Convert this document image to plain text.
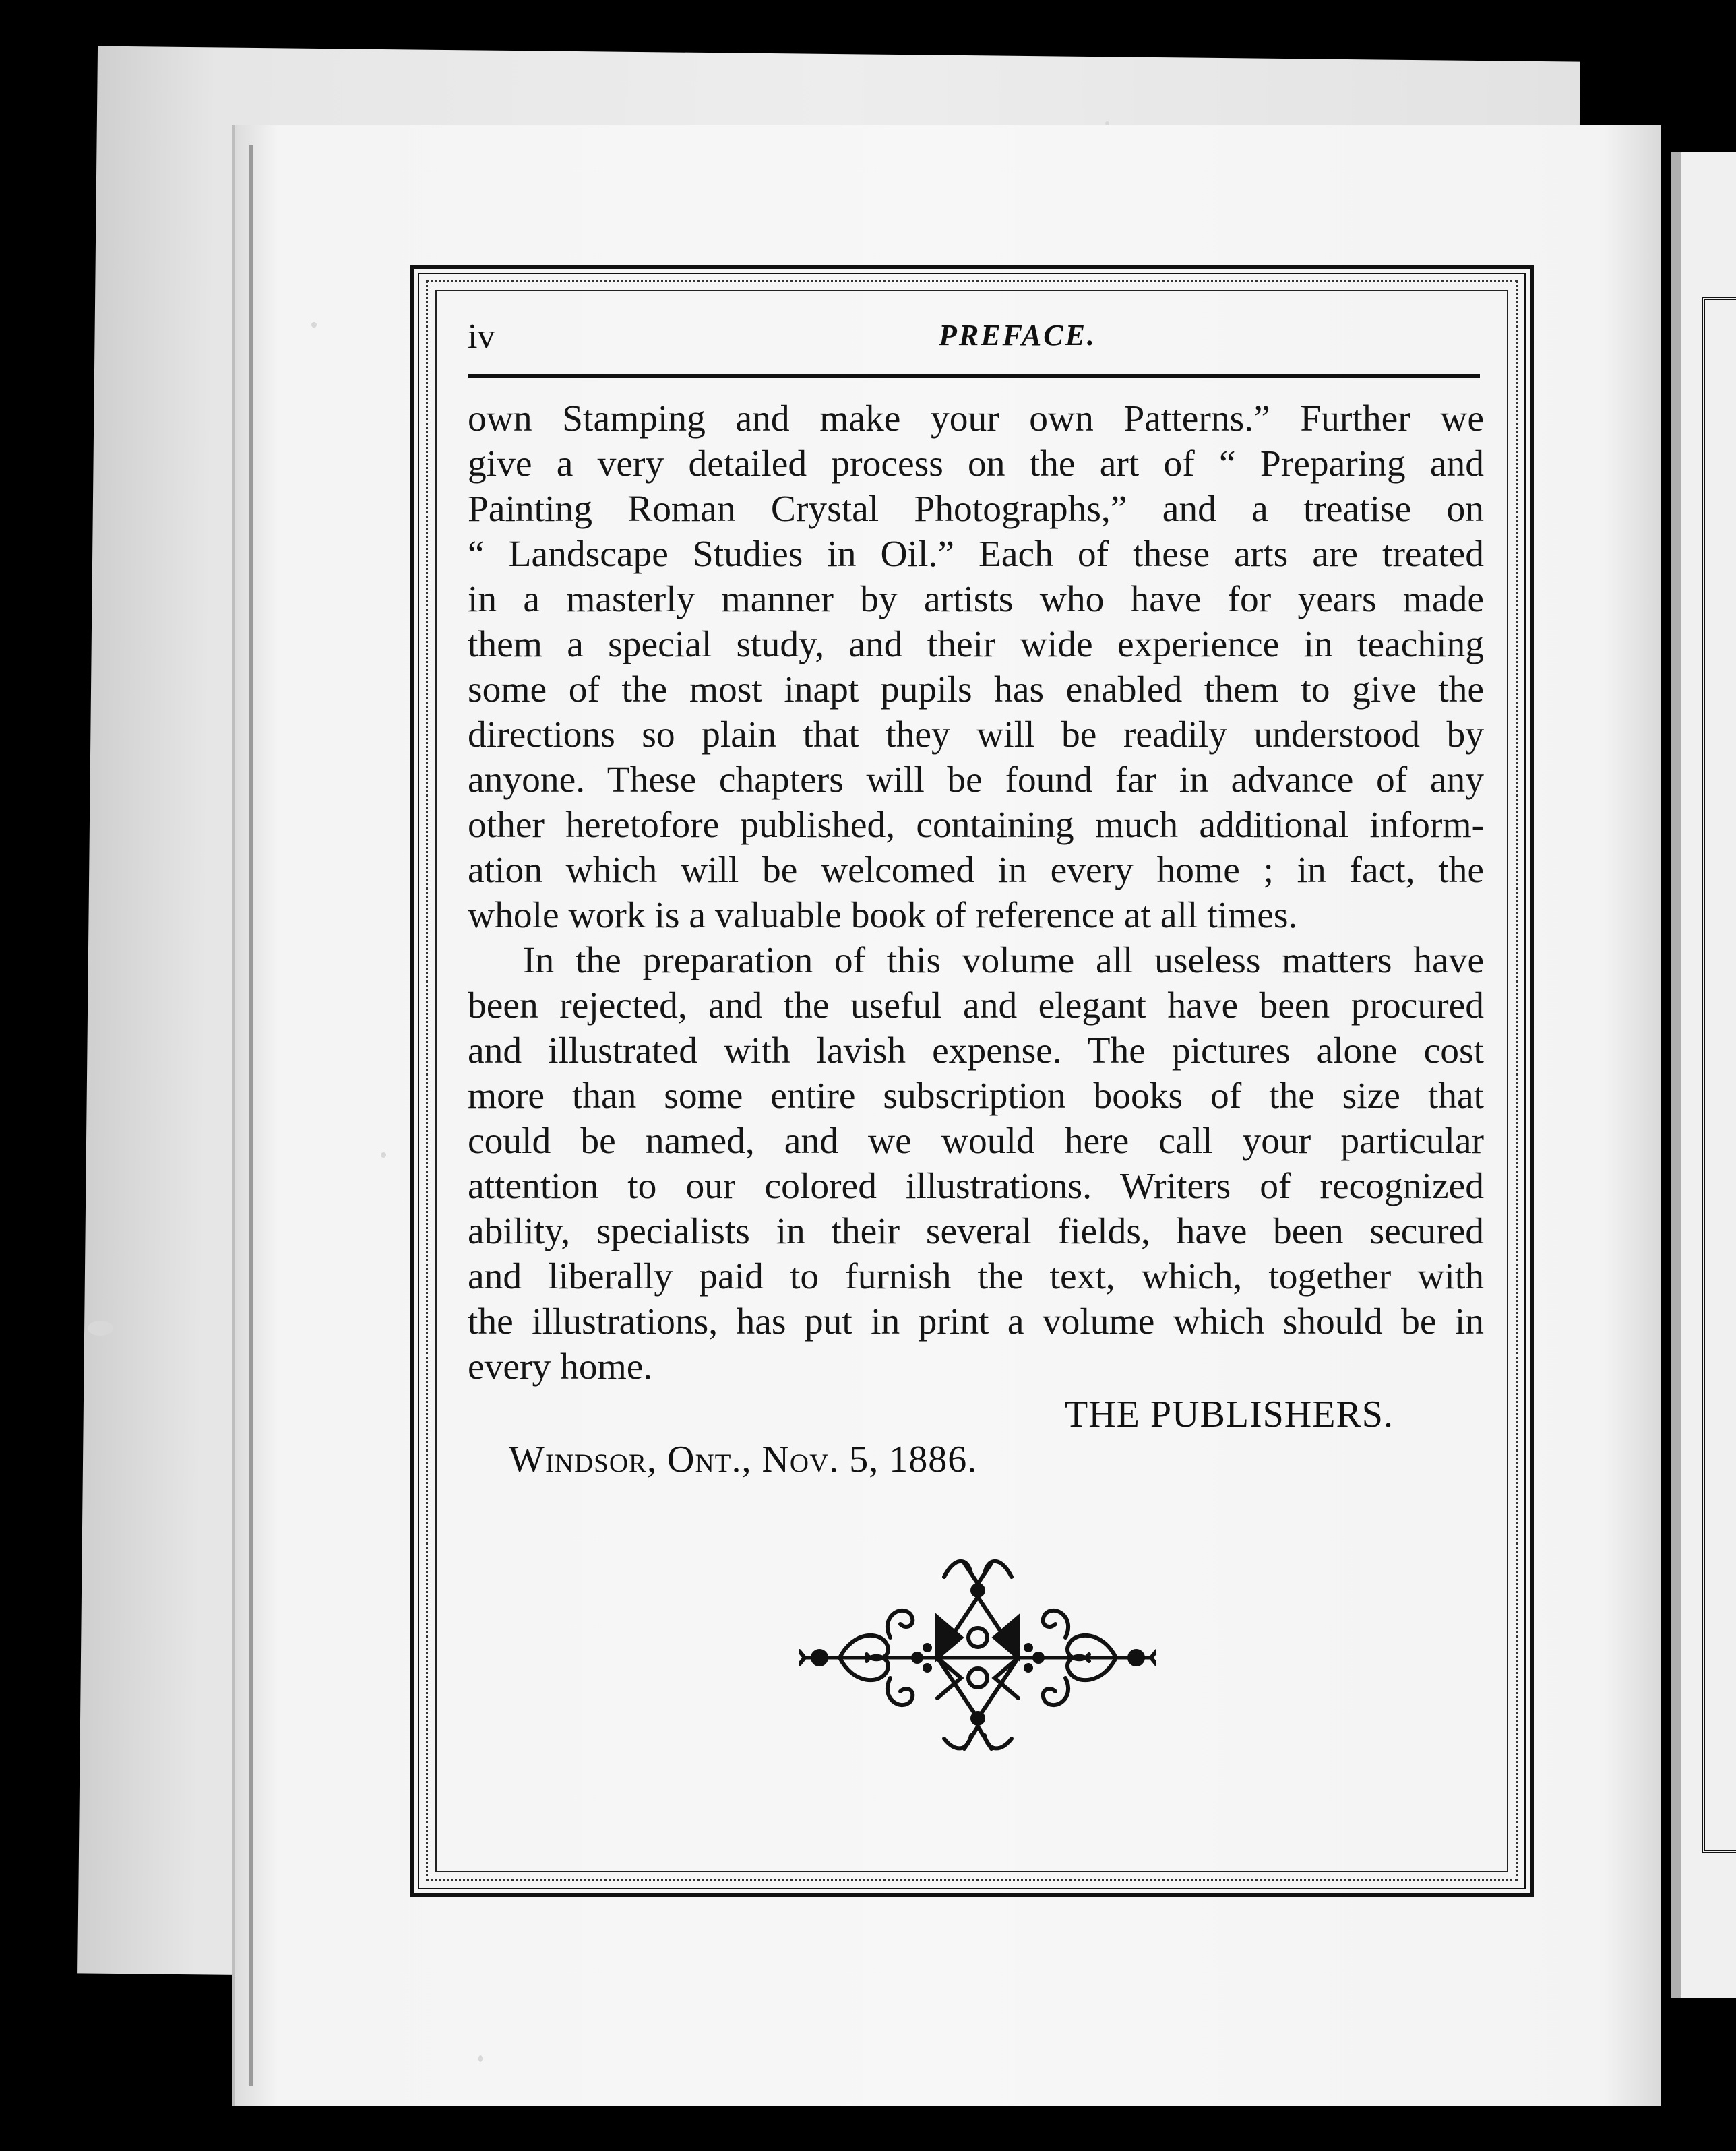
iv	PREFACE.
own Stamping and make your own Patterns.” Further we
give a very detailed process on the art of “ Preparing and
Painting Roman Crystal Photographs,” and a treatise on
“ Landscape Studies in Oil.” Each of these arts are treated
in a masterly manner by artists who have for years made
them a special study, and their wide experience in teaching
some of the most inapt pupils has enabled them to give the
directions so plain that they will be readily understood by
anyone. These chapters will be found far in advance of any
other heretofore published, containing much additional inform-
ation which will be welcomed in every home ; in fact, the
whole work is a valuable book of reference at all times.
In the preparation of this volume all useless matters have
been rejected, and the useful and elegant have been procured
and illustrated with lavish expense. The pictures alone cost
more than some entire subscription books of the size that
could be named, and we would here call your particular
attention to our colored illustrations. Writers of recognized
ability, specialists in their several fields, have been secured
and liberally paid to furnish the text, which, together with
the illustrations, has put in print a volume which should be in
every home.
THE PUBLISHERS.
Windsor, Ont., Nov. 5, 1886.
